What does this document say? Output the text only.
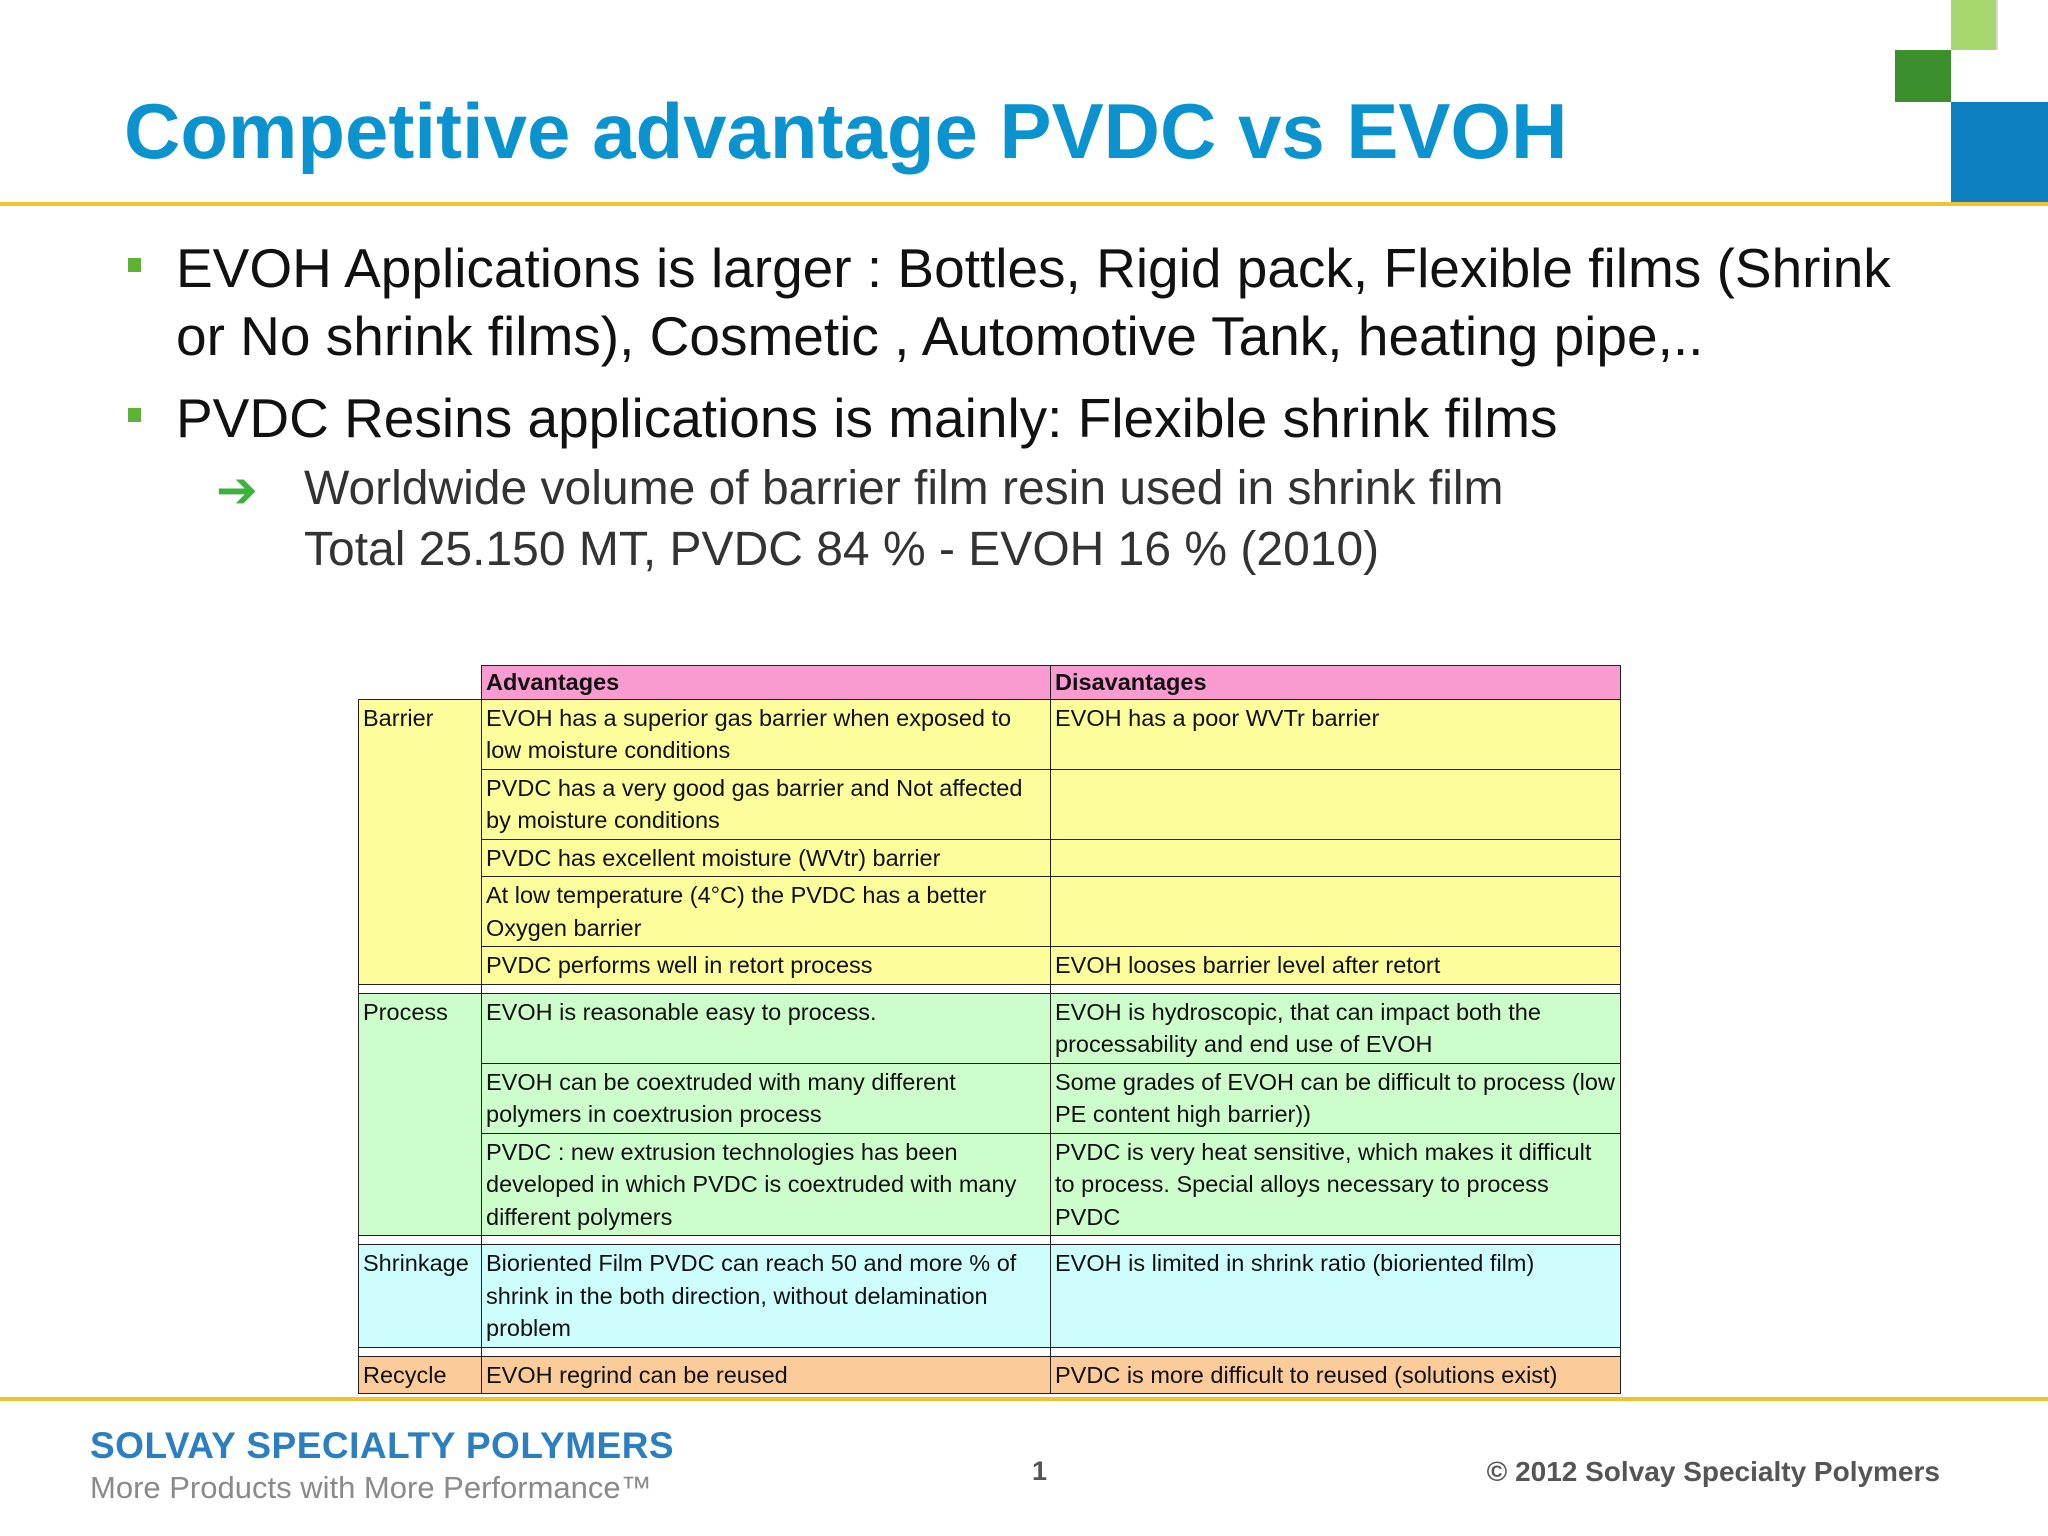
Competitive advantage PVDC vs EVOH
EVOH Applications is larger : Bottles, Rigid pack, Flexible films (Shrink or No shrink films), Cosmetic , Automotive Tank, heating pipe,..
PVDC Resins applications is mainly: Flexible shrink films
➔ Worldwide volume of barrier film resin used in shrink film
Total 25.150 MT, PVDC 84 % - EVOH 16 % (2010)
	Advantages	Disavantages
Barrier	EVOH has a superior gas barrier when exposed to low moisture conditions	EVOH has a poor WVTr barrier
	PVDC has a very good gas barrier and Not affected by moisture conditions	
	PVDC has excellent moisture (WVtr) barrier	
	At low temperature (4°C) the PVDC has a better Oxygen barrier	
	PVDC performs well in retort process	EVOH looses barrier level after retort

Process	EVOH is reasonable easy to process.	EVOH is hydroscopic, that can impact both the processability and end use of EVOH
	EVOH can be coextruded with many different polymers in coextrusion process	Some grades of EVOH can be difficult to process (low PE content high barrier))
	PVDC : new extrusion technologies has been developed in which PVDC is coextruded with many different polymers	PVDC is very heat sensitive, which makes it difficult to process. Special alloys necessary to process PVDC

Shrinkage	Bioriented Film PVDC can reach 50 and more % of shrink in the both direction, without delamination problem	EVOH is limited in shrink ratio (bioriented film)

Recycle	EVOH regrind can be reused	PVDC is more difficult to reused (solutions exist)
SOLVAY SPECIALTY POLYMERS
More Products with More Performance™	1	© 2012 Solvay Specialty Polymers
